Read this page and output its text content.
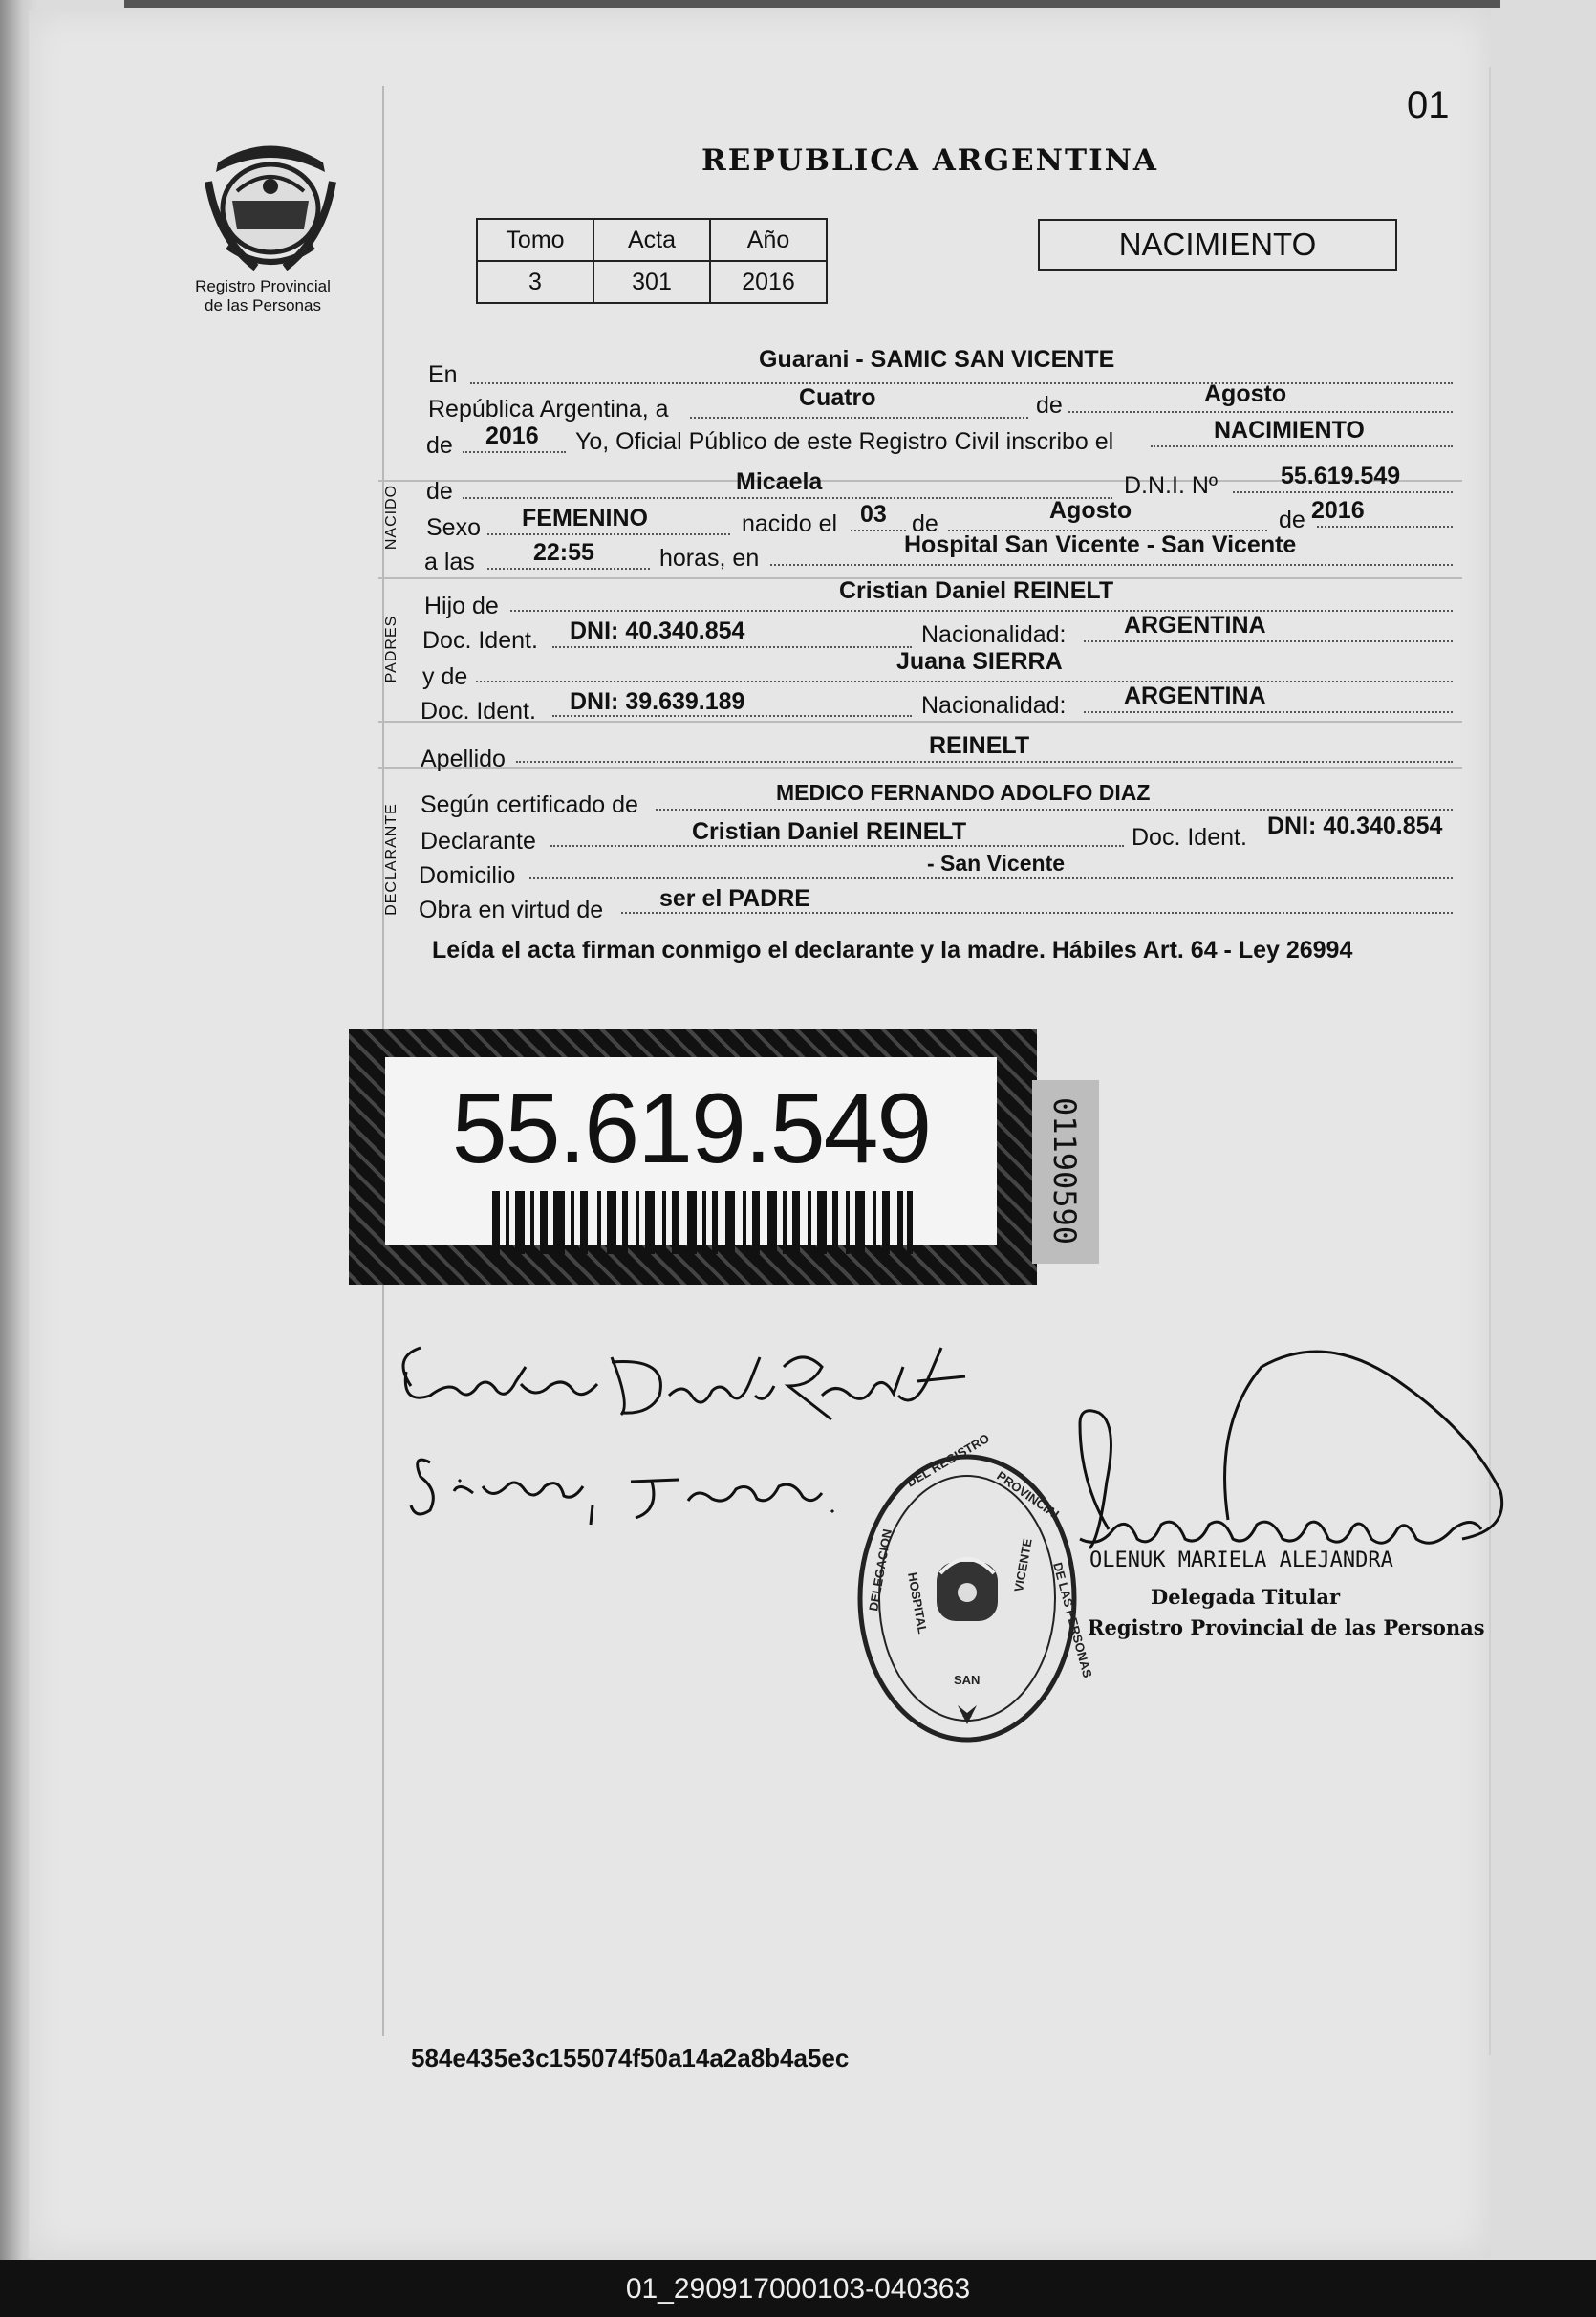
01
Registro Provincial
de las Personas
REPUBLICA ARGENTINA
Tomo	Acta	Año
3	301	2016
NACIMIENTO
NACIDO
PADRES
DECLARANTE
En
Guarani - SAMIC SAN VICENTE
República Argentina, a	Cuatro	de	Agosto
de 2016 Yo, Oficial Público de este Registro Civil inscribo el	NACIMIENTO
de	Micaela	D.N.I. Nº	55.619.549
Sexo FEMENINO	nacido el 03 de	Agosto	de 2016
a las 22:55	horas, en	Hospital San Vicente - San Vicente
Hijo de
Cristian Daniel REINELT
Doc. Ident. DNI: 40.340.854	Nacionalidad: ARGENTINA
y de
Juana SIERRA
Doc. Ident. DNI: 39.639.189	Nacionalidad: ARGENTINA
Apellido	REINELT
Según certificado de	MEDICO FERNANDO ADOLFO DIAZ
Declarante	Cristian Daniel REINELT	Doc. Ident. DNI: 40.340.854
Domicilio	- San Vicente
Obra en virtud de ser el PADRE
Leída el acta firman conmigo el declarante y la madre. Hábiles Art. 64 - Ley 26994
55.619.549	01190590
DELEGACION
DEL REGISTRO
PROVINCIAL
DE LAS PERSONAS
HOSPITAL
VICENTE
SAN
OLENUK MARIELA ALEJANDRA
Delegada Titular
Registro Provincial de las Personas
584e435e3c155074f50a14a2a8b4a5ec
01_290917000103-040363
